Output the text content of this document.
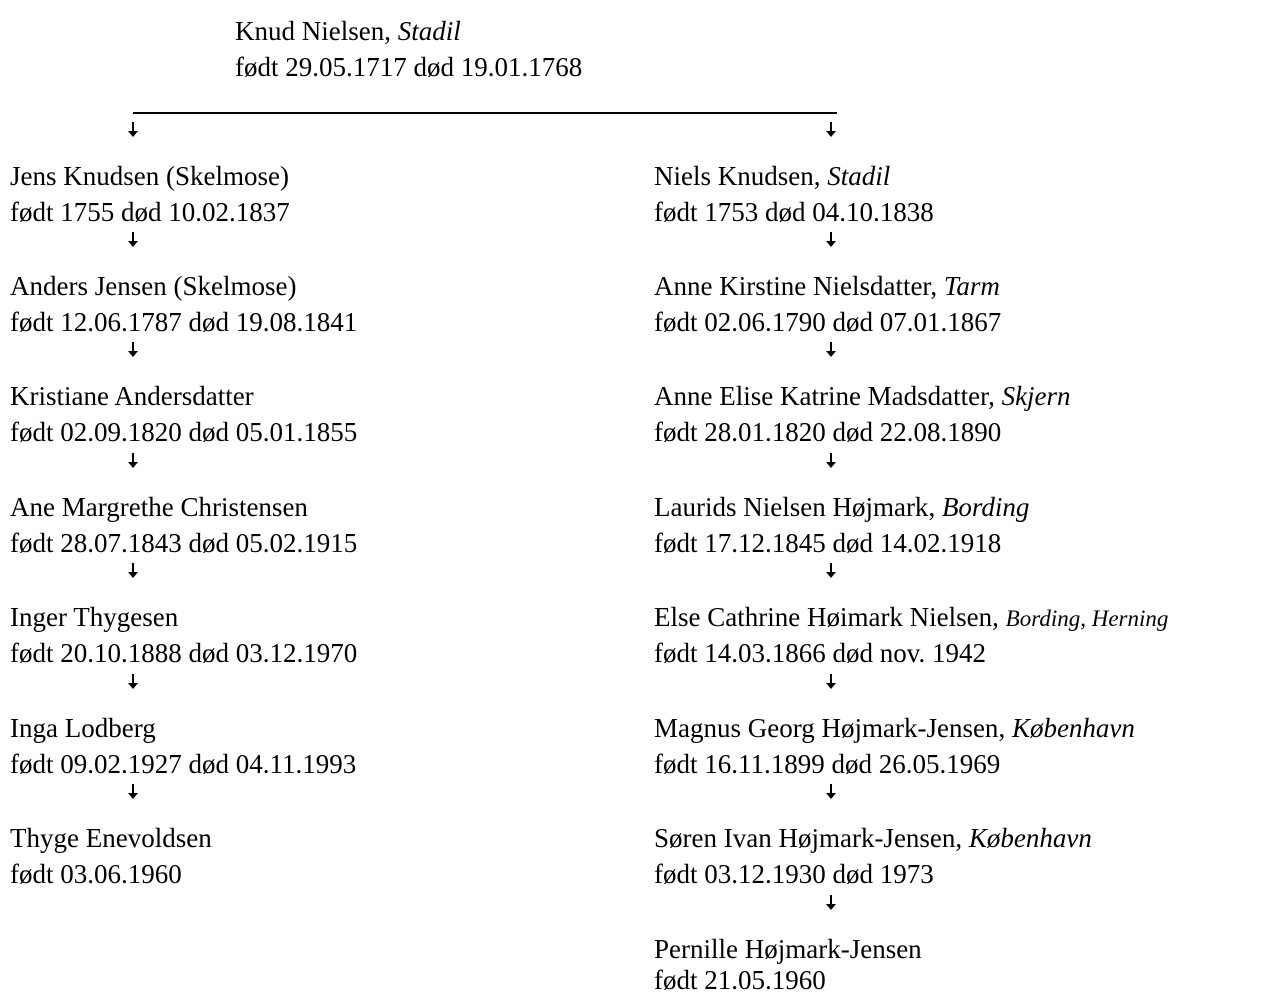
Knud Nielsen, Stadil
født 29.05.1717 død 19.01.1768
Jens Knudsen (Skelmose)
født 1755 død 10.02.1837
Anders Jensen (Skelmose)
født 12.06.1787 død 19.08.1841
Kristiane Andersdatter
født 02.09.1820 død 05.01.1855
Ane Margrethe Christensen
født 28.07.1843 død 05.02.1915
Inger Thygesen
født 20.10.1888 død 03.12.1970
Inga Lodberg
født 09.02.1927 død 04.11.1993
Thyge Enevoldsen
født 03.06.1960
Niels Knudsen, Stadil
født 1753 død 04.10.1838
Anne Kirstine Nielsdatter, Tarm
født 02.06.1790 død 07.01.1867
Anne Elise Katrine Madsdatter, Skjern
født 28.01.1820 død 22.08.1890
Laurids Nielsen Højmark, Bording
født 17.12.1845 død 14.02.1918
Else Cathrine Høimark Nielsen, Bording, Herning
født 14.03.1866 død nov. 1942
Magnus Georg Højmark-Jensen, København
født 16.11.1899 død 26.05.1969
Søren Ivan Højmark-Jensen, København
født 03.12.1930 død 1973
Pernille Højmark-Jensen
født 21.05.1960
